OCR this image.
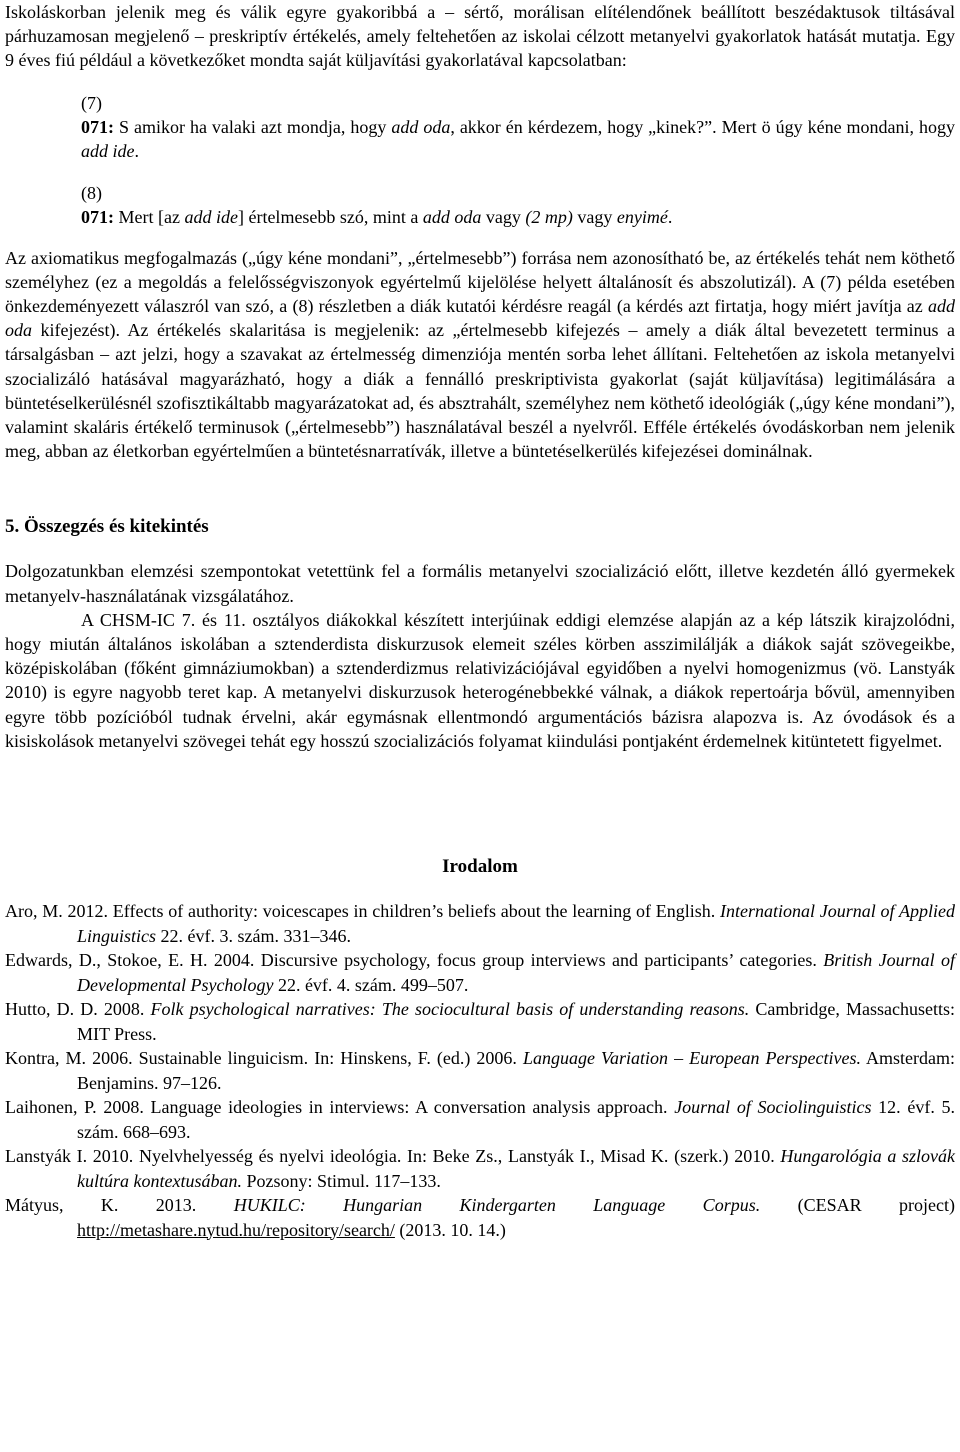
Iskoláskorban jelenik meg és válik egyre gyakoribbá a – sértő, morálisan elítélendőnek beállított beszédaktusok tiltásával párhuzamosan megjelenő – preskriptív értékelés, amely feltehetően az iskolai célzott metanyelvi gyakorlatok hatását mutatja. Egy 9 éves fiú például a következőket mondta saját küljavítási gyakorlatával kapcsolatban:

(7)
071: S amikor ha valaki azt mondja, hogy add oda, akkor én kérdezem, hogy „kinek?”. Mert ö úgy kéne mondani, hogy add ide.
(8)
071: Mert [az add ide] értelmesebb szó, mint a add oda vagy (2 mp) vagy enyimé.

Az axiomatikus megfogalmazás („úgy kéne mondani”, „értelmesebb”) forrása nem azonosítható be, az értékelés tehát nem köthető személyhez (ez a megoldás a felelősségviszonyok egyértelmű kijelölése helyett általánosít és abszolutizál). A (7) példa esetében önkezdeményezett válaszról van szó, a (8) részletben a diák kutatói kérdésre reagál (a kérdés azt firtatja, hogy miért javítja az add oda kifejezést). Az értékelés skalaritása is megjelenik: az „értelmesebb kifejezés – amely a diák által bevezetett terminus a társalgásban – azt jelzi, hogy a szavakat az értelmesség dimenziója mentén sorba lehet állítani. Feltehetően az iskola metanyelvi szocializáló hatásával magyarázható, hogy a diák a fennálló preskriptivista gyakorlat (saját küljavítása) legitimálására a büntetéselkerülésnél szofisztikáltabb magyarázatokat ad, és absztrahált, személyhez nem köthető ideológiák („úgy kéne mondani”), valamint skaláris értékelő terminusok („értelmesebb”) használatával beszél a nyelvről. Efféle értékelés óvodáskorban nem jelenik meg, abban az életkorban egyértelműen a büntetésnarratívák, illetve a büntetéselkerülés kifejezései dominálnak.

5. Összegzés és kitekintés

Dolgozatunkban elemzési szempontokat vetettünk fel a formális metanyelvi szocializáció előtt, illetve kezdetén álló gyermekek metanyelv-használatának vizsgálatához.

A CHSM-IC 7. és 11. osztályos diákokkal készített interjúinak eddigi elemzése alapján az a kép látszik kirajzolódni, hogy miután általános iskolában a sztenderdista diskurzusok elemeit széles körben asszimilálják a diákok saját szövegeikbe, középiskolában (főként gimnáziumokban) a sztenderdizmus relativizációjával egyidőben a nyelvi homogenizmus (vö. Lanstyák 2010) is egyre nagyobb teret kap. A metanyelvi diskurzusok heterogénebbekké válnak, a diákok repertoárja bővül, amennyiben egyre több pozícióból tudnak érvelni, akár egymásnak ellentmondó argumentációs bázisra alapozva is. Az óvodások és a kisiskolások metanyelvi szövegei tehát egy hosszú szocializációs folyamat kiindulási pontjaként érdemelnek kitüntetett figyelmet.

Irodalom

Aro, M. 2012. Effects of authority: voicescapes in children’s beliefs about the learning of English. International Journal of Applied Linguistics 22. évf. 3. szám. 331–346.

Edwards, D., Stokoe, E. H. 2004. Discursive psychology, focus group interviews and participants’ categories. British Journal of Developmental Psychology 22. évf. 4. szám. 499–507.

Hutto, D. D. 2008. Folk psychological narratives: The sociocultural basis of understanding reasons. Cambridge, Massachusetts: MIT Press.

Kontra, M. 2006. Sustainable linguicism. In: Hinskens, F. (ed.) 2006. Language Variation – European Perspectives. Amsterdam: Benjamins. 97–126.

Laihonen, P. 2008. Language ideologies in interviews: A conversation analysis approach. Journal of Sociolinguistics 12. évf. 5. szám. 668–693.

Lanstyák I. 2010. Nyelvhelyesség és nyelvi ideológia. In: Beke Zs., Lanstyák I., Misad K. (szerk.) 2010. Hungarológia a szlovák kultúra kontextusában. Pozsony: Stimul. 117–133.

Mátyus, K. 2013. HUKILC: Hungarian Kindergarten Language Corpus. (CESAR project) http://metashare.nytud.hu/repository/search/ (2013. 10. 14.)
